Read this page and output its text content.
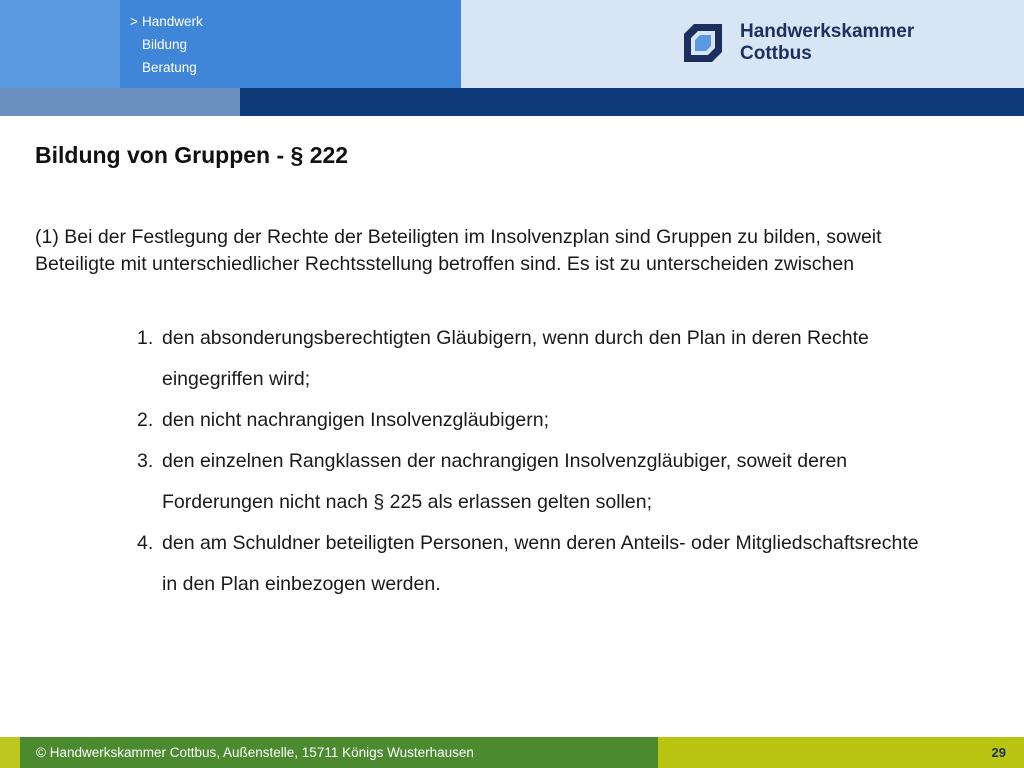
> Handwerk
Bildung
Beratung
Handwerkskammer
Cottbus
Bildung von Gruppen - § 222
(1) Bei der Festlegung der Rechte der Beteiligten im Insolvenzplan sind Gruppen zu bilden, soweit Beteiligte mit unterschiedlicher Rechtsstellung betroffen sind. Es ist zu unterscheiden zwischen
1. den absonderungsberechtigten Gläubigern, wenn durch den Plan in deren Rechte eingegriffen wird;
2. den nicht nachrangigen Insolvenzgläubigern;
3. den einzelnen Rangklassen der nachrangigen Insolvenzgläubiger, soweit deren Forderungen nicht nach § 225 als erlassen gelten sollen;
4. den am Schuldner beteiligten Personen, wenn deren Anteils- oder Mitgliedschaftsrechte in den Plan einbezogen werden.
© Handwerkskammer Cottbus, Außenstelle, 15711 Königs Wusterhausen	29
